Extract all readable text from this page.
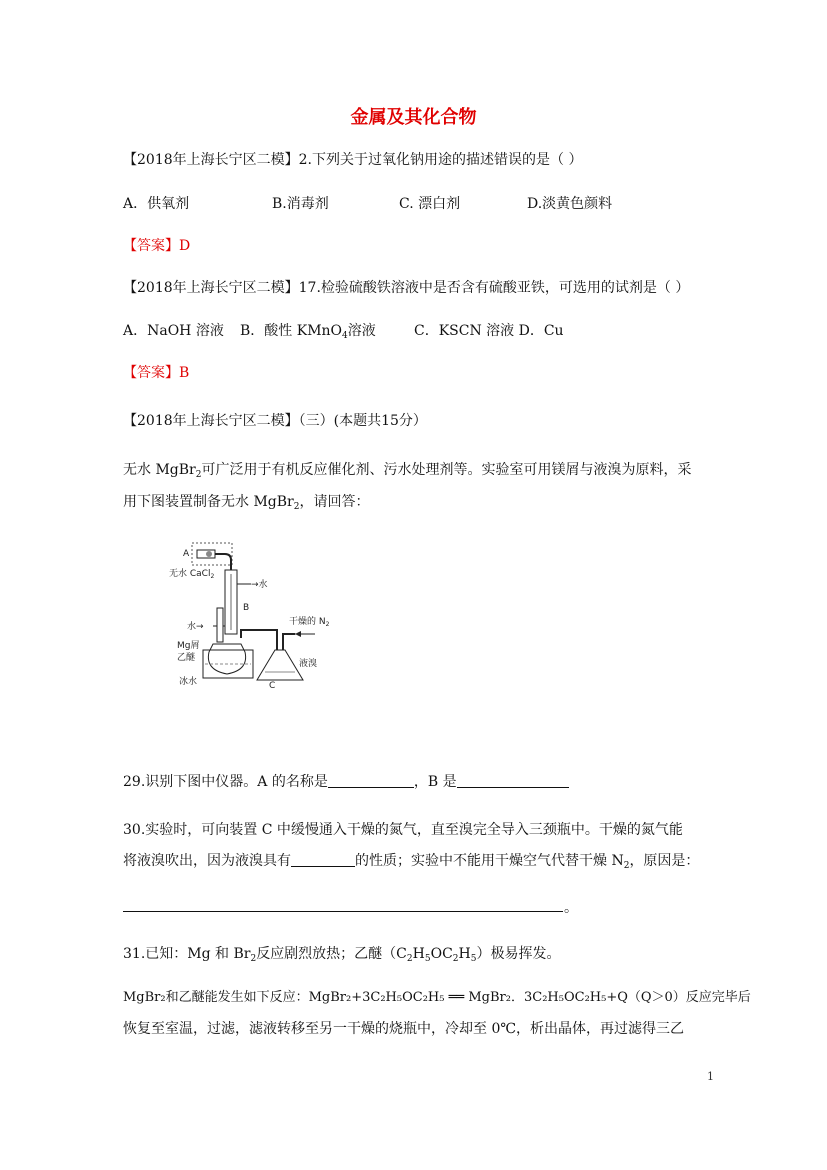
金属及其化合物
【2018年上海长宁区二模】2.下列关于过氧化钠用途的描述错误的是（ ）
A．供氧剂	B.消毒剂	C. 漂白剂	D.淡黄色颜料
【答案】D
【2018年上海长宁区二模】17.检验硫酸铁溶液中是否含有硫酸亚铁，可选用的试剂是（ ）
A．NaOH 溶液 B．酸性 KMnO$_4$溶液	C．KSCN 溶液 D．Cu
【答案】B
【2018年上海长宁区二模】（三）(本题共15分）
无水 MgBr$_2$可广泛用于有机反应催化剂、污水处理剂等。实验室可用镁屑与液溴为原料，采
用下图装置制备无水 MgBr$_2$，请回答：
A
无水 CaCl$_2$
→水
B
水→	干燥的 $N_2$
Mg屑
乙醚
液溴
冰水	C
29.识别下图中仪器。A 的名称是	，B 是
30.实验时，可向装置 C 中缓慢通入干燥的氮气，直至溴完全导入三颈瓶中。干燥的氮气能
将液溴吹出，因为液溴具有	的性质；实验中不能用干燥空气代替干燥 $N_2$，原因是：
。
31.已知：Mg 和 $Br_2$反应剧烈放热；乙醚$(C_2H_5OC_2H_5)$极易挥发。
MgBr₂和乙醚能发生如下反应：MgBr₂+3C₂H₅OC₂H₅ ══ MgBr₂．3C₂H₅OC₂H₅+Q（Q＞0）反应完毕后
恢复至室温，过滤，滤液转移至另一干燥的烧瓶中，冷却至 0℃，析出晶体，再过滤得三乙
1
